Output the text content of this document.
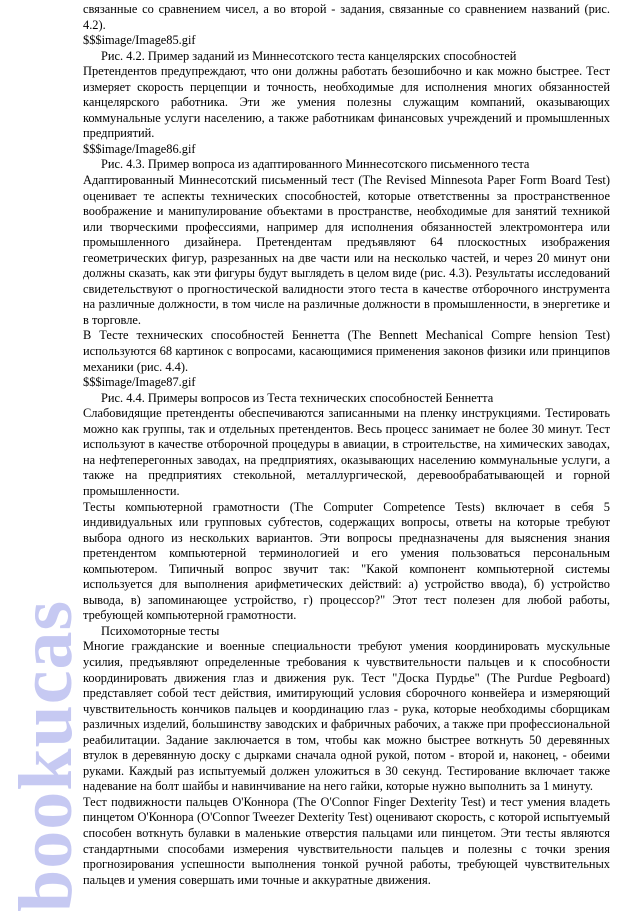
bookucas

связанные со сравнением чисел, а во второй - задания, связанные со сравнением названий (рис. 4.2).

$$$image/Image85.gif

Рис. 4.2. Пример заданий из Миннесотского теста канцелярских способностей

Претендентов предупреждают, что они должны работать безошибочно и как можно быстрее. Тест измеряет скорость перцепции и точность, необходимые для исполнения многих обязанностей канцелярского работника. Эти же умения полезны служащим компаний, оказывающих коммунальные услуги населению, а также работникам финансовых учреждений и промышленных предприятий.

$$$image/Image86.gif

Рис. 4.3. Пример вопроса из адаптированного Миннесотского письменного теста

Адаптированный Миннесотский письменный тест (The Revised Minnesota Paper Form Board Test) оценивает те аспекты технических способностей, которые ответственны за пространственное воображение и манипулирование объектами в пространстве, необходимые для занятий техникой или творческими профессиями, например для исполнения обязанностей электромонтера или промышленного дизайнера. Претендентам предъявляют 64 плоскостных изображения геометрических фигур, разрезанных на две части или на несколько частей, и через 20 минут они должны сказать, как эти фигуры будут выглядеть в целом виде (рис. 4.3). Результаты исследований свидетельствуют о прогностической валидности этого теста в качестве отборочного инструмента на различные должности, в том числе на различные должности в промышленности, в энергетике и в торговле.

В Тесте технических способностей Беннетта (The Bennett Mechanical Compre hension Test) используются 68 картинок с вопросами, касающимися применения законов физики или принципов механики (рис. 4.4).

$$$image/Image87.gif

Рис. 4.4. Примеры вопросов из Теста технических способностей Беннетта

Слабовидящие претенденты обеспечиваются записанными на пленку инструкциями. Тестировать можно как группы, так и отдельных претендентов. Весь процесс занимает не более 30 минут. Тест используют в качестве отборочной процедуры в авиации, в строительстве, на химических заводах, на нефтеперегонных заводах, на предприятиях, оказывающих населению коммунальные услуги, а также на предприятиях стекольной, металлургической, деревообрабатывающей и горной промышленности.

Тесты компьютерной грамотности (The Computer Competence Tests) включает в себя 5 индивидуальных или групповых субтестов, содержащих вопросы, ответы на которые требуют выбора одного из нескольких вариантов. Эти вопросы предназначены для выяснения знания претендентом компьютерной терминологией и его умения пользоваться персональным компьютером. Типичный вопрос звучит так: "Какой компонент компьютерной системы используется для выполнения арифметических действий: а) устройство ввода), б) устройство вывода, в) запоминающее устройство, г) процессор?" Этот тест полезен для любой работы, требующей компьютерной грамотности.

Психомоторные тесты

Многие гражданские и военные специальности требуют умения координировать мускульные усилия, предъявляют определенные требования к чувствительности пальцев и к способности координировать движения глаз и движения рук. Тест "Доска Пурдье" (The Purdue Pegboard) представляет собой тест действия, имитирующий условия сборочного конвейера и измеряющий чувствительность кончиков пальцев и координацию глаз - рука, которые необходимы сборщикам различных изделий, большинству заводских и фабричных рабочих, а также при профессиональной реабилитации. Задание заключается в том, чтобы как можно быстрее воткнуть 50 деревянных втулок в деревянную доску с дырками сначала одной рукой, потом - второй и, наконец, - обеими руками. Каждый раз испытуемый должен уложиться в 30 секунд. Тестирование включает также надевание на болт шайбы и навинчивание на него гайки, которые нужно выполнить за 1 минуту.

Тест подвижности пальцев О'Коннора (The O'Connor Finger Dexterity Test) и тест умения владеть пинцетом О'Коннора (O'Connor Tweezer Dexterity Test) оценивают скорость, с которой испытуемый способен воткнуть булавки в маленькие отверстия пальцами или пинцетом. Эти тесты являются стандартными способами измерения чувствительности пальцев и полезны с точки зрения прогнозирования успешности выполнения тонкой ручной работы, требующей чувствительных пальцев и умения совершать ими точные и аккуратные движения.
